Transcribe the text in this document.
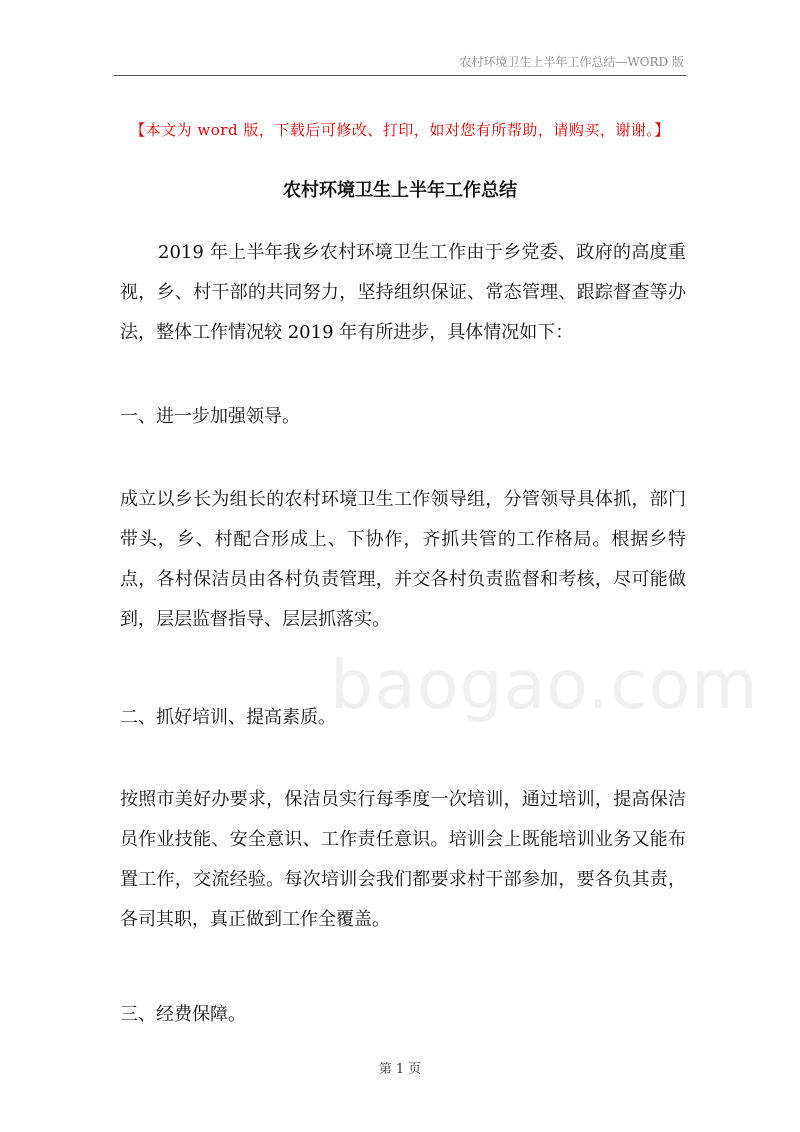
农村环境卫生上半年工作总结—WORD 版
【本文为 word 版，下载后可修改、打印，如对您有所帮助，请购买，谢谢。】
农村环境卫生上半年工作总结
2019 年上半年我乡农村环境卫生工作由于乡党委、政府的高度重视，乡、村干部的共同努力，坚持组织保证、常态管理、跟踪督查等办法，整体工作情况较 2019 年有所进步，具体情况如下：
一、进一步加强领导。
成立以乡长为组长的农村环境卫生工作领导组，分管领导具体抓，部门带头，乡、村配合形成上、下协作，齐抓共管的工作格局。根据乡特点，各村保洁员由各村负责管理，并交各村负责监督和考核，尽可能做到，层层监督指导、层层抓落实。
二、抓好培训、提高素质。
按照市美好办要求，保洁员实行每季度一次培训，通过培训，提高保洁员作业技能、安全意识、工作责任意识。培训会上既能培训业务又能布置工作，交流经验。每次培训会我们都要求村干部参加，要各负其责，各司其职，真正做到工作全覆盖。
三、经费保障。
baogao.com
第 1 页
